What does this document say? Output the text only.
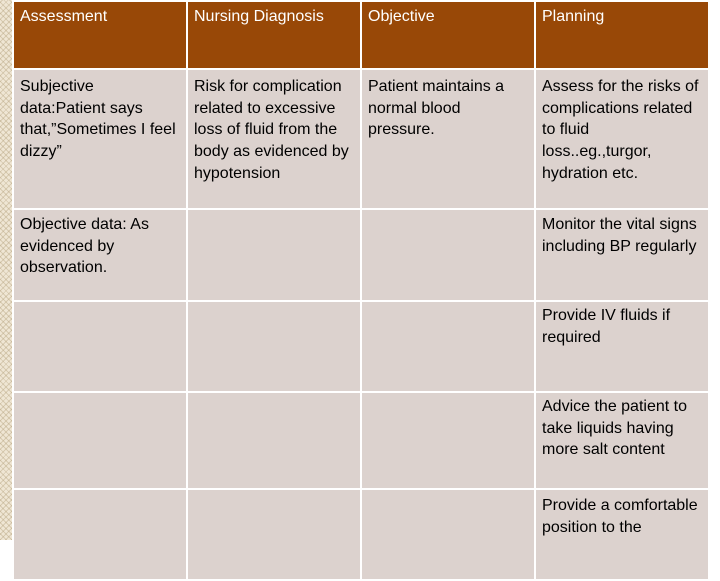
Assessment	Nursing Diagnosis	Objective	Planning
Subjective data:Patient says that,”Sometimes I feel dizzy”	Risk for complication related to excessive loss of fluid from the body as evidenced by hypotension	Patient maintains a normal blood pressure.	Assess for the risks of complications related to fluid loss..eg.,turgor, hydration etc.
Objective data: As evidenced by observation.			Monitor the vital signs including BP regularly
			Provide IV fluids if required
			Advice the patient to take liquids having more salt content
			Provide a comfortable position to the
